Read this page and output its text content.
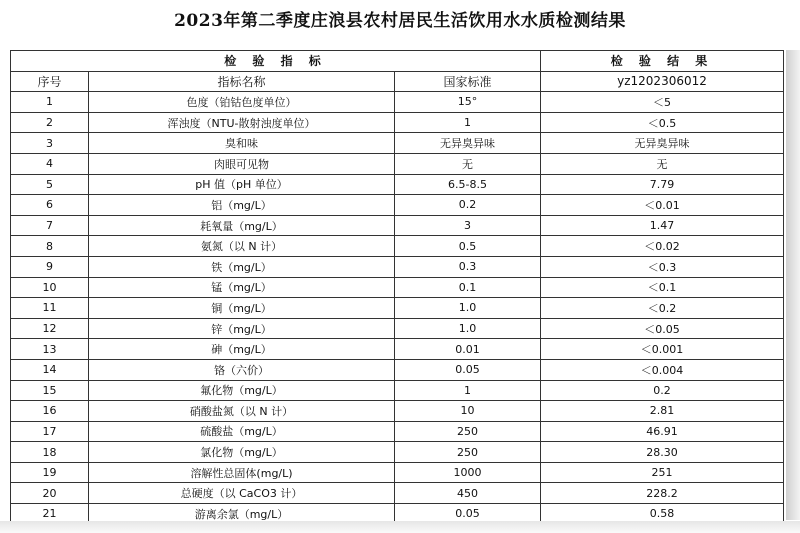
2023年第二季度庄浪县农村居民生活饮用水水质检测结果
检 验 指 标			检 验 结 果
序号	指标名称	国家标准	yz1202306012
1	色度（铂钴色度单位）	15°	＜5
2	浑浊度（NTU-散射浊度单位）	1	＜0.5
3	臭和味	无异臭异味	无异臭异味
4	肉眼可见物	无	无
5	pH 值（pH 单位）	6.5-8.5	7.79
6	铝（mg/L）	0.2	＜0.01
7	耗氧量（mg/L）	3	1.47
8	氨氮（以 N 计）	0.5	＜0.02
9	铁（mg/L）	0.3	＜0.3
10	锰（mg/L）	0.1	＜0.1
11	铜（mg/L）	1.0	＜0.2
12	锌（mg/L）	1.0	＜0.05
13	砷（mg/L）	0.01	＜0.001
14	铬（六价）	0.05	＜0.004
15	氟化物（mg/L）	1	0.2
16	硝酸盐氮（以 N 计）	10	2.81
17	硫酸盐（mg/L）	250	46.91
18	氯化物（mg/L）	250	28.30
19	溶解性总固体(mg/L)	1000	251
20	总硬度（以 CaCO3 计）	450	228.2
21	游离余氯（mg/L）	0.05	0.58
